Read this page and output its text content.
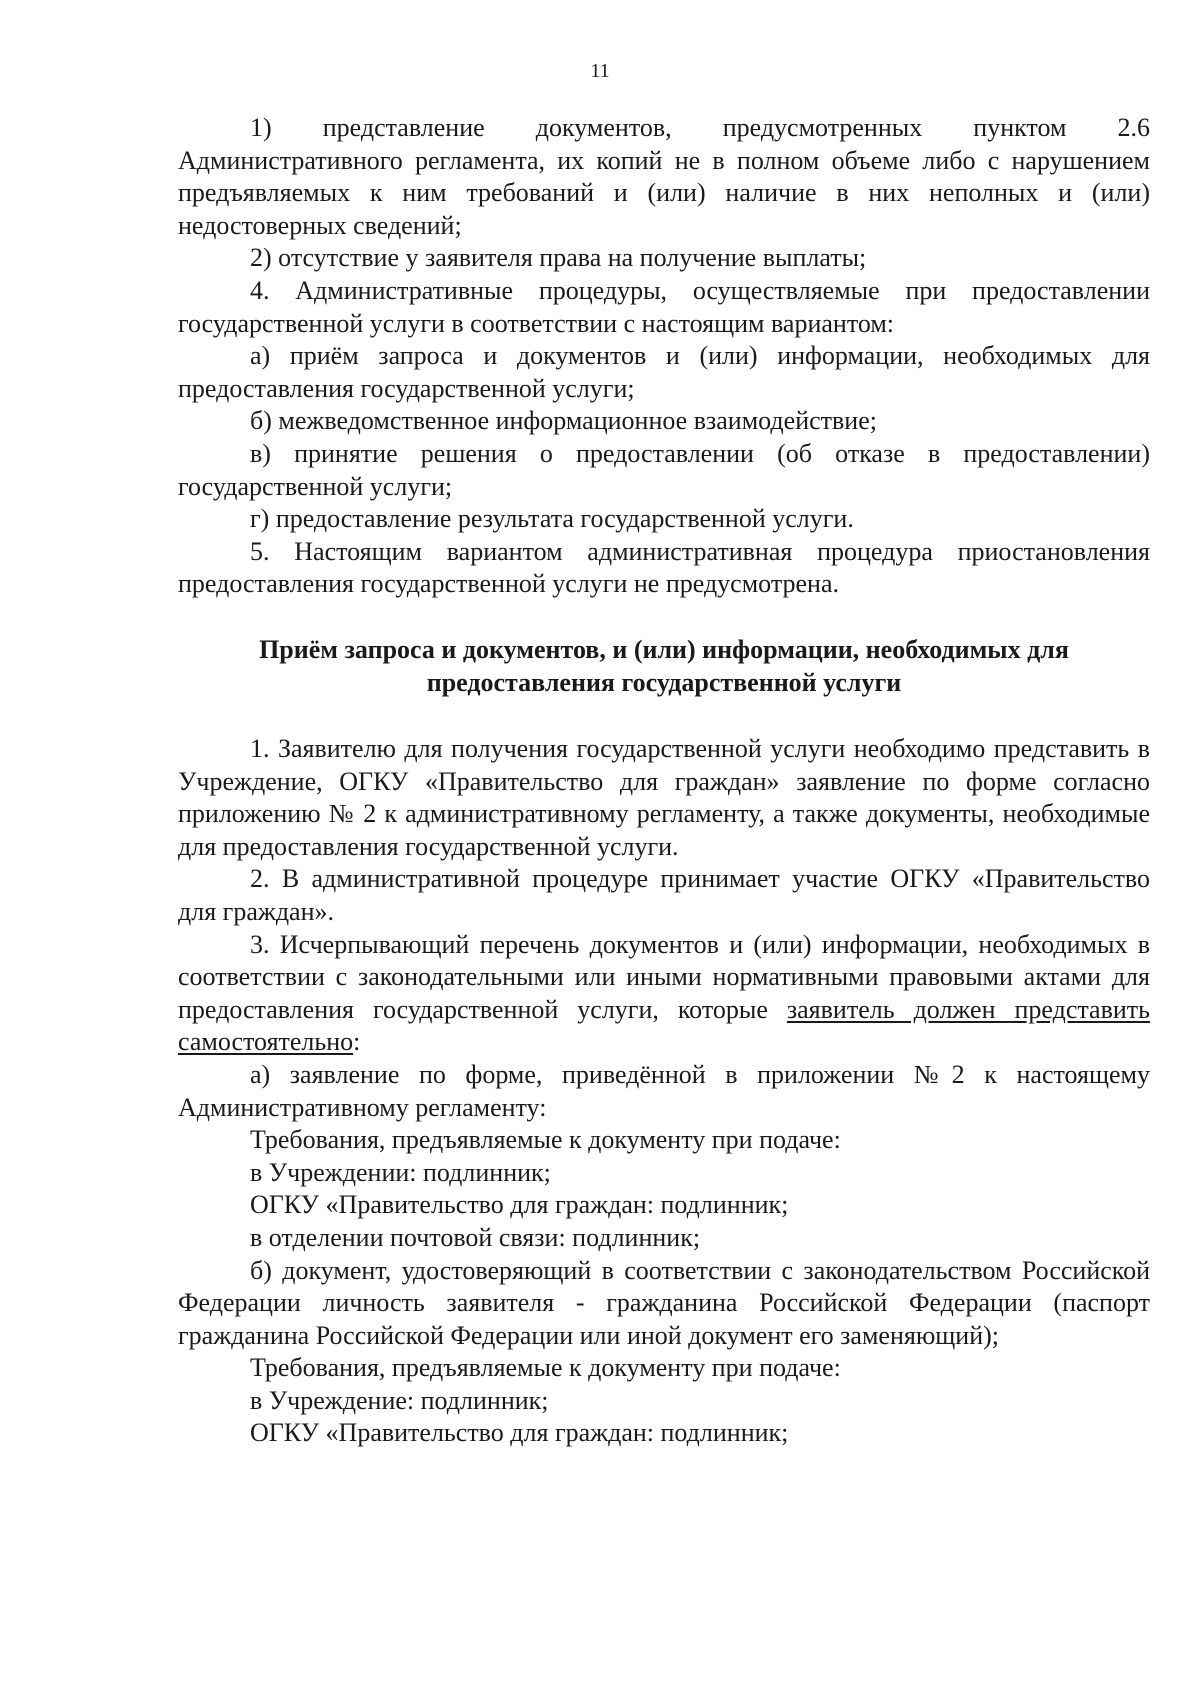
11

1) представление документов, предусмотренных пунктом 2.6 Административного регламента, их копий не в полном объеме либо с нарушением предъявляемых к ним требований и (или) наличие в них неполных и (или) недостоверных сведений;

2) отсутствие у заявителя права на получение выплаты;

4. Административные процедуры, осуществляемые при предоставлении государственной услуги в соответствии с настоящим вариантом:

а) приём запроса и документов и (или) информации, необходимых для предоставления государственной услуги;

б) межведомственное информационное взаимодействие;

в) принятие решения о предоставлении (об отказе в предоставлении) государственной услуги;

г) предоставление результата государственной услуги.

5. Настоящим вариантом административная процедура приостановления предоставления государственной услуги не предусмотрена.

Приём запроса и документов, и (или) информации, необходимых для
предоставления государственной услуги

1. Заявителю для получения государственной услуги необходимо представить в Учреждение, ОГКУ «Правительство для граждан» заявление по форме согласно приложению № 2 к административному регламенту, а также документы, необходимые для предоставления государственной услуги.

2. В административной процедуре принимает участие ОГКУ «Правительство для граждан».

3. Исчерпывающий перечень документов и (или) информации, необходимых в соответствии с законодательными или иными нормативными правовыми актами для предоставления государственной услуги, которые заявитель должен представить самостоятельно:

а) заявление по форме, приведённой в приложении №2 к настоящему Административному регламенту:

Требования, предъявляемые к документу при подаче:

в Учреждении: подлинник;

ОГКУ «Правительство для граждан: подлинник;

в отделении почтовой связи: подлинник;

б) документ, удостоверяющий в соответствии с законодательством Российской Федерации личность заявителя - гражданина Российской Федерации (паспорт гражданина Российской Федерации или иной документ его заменяющий);

Требования, предъявляемые к документу при подаче:

в Учреждение: подлинник;

ОГКУ «Правительство для граждан: подлинник;
